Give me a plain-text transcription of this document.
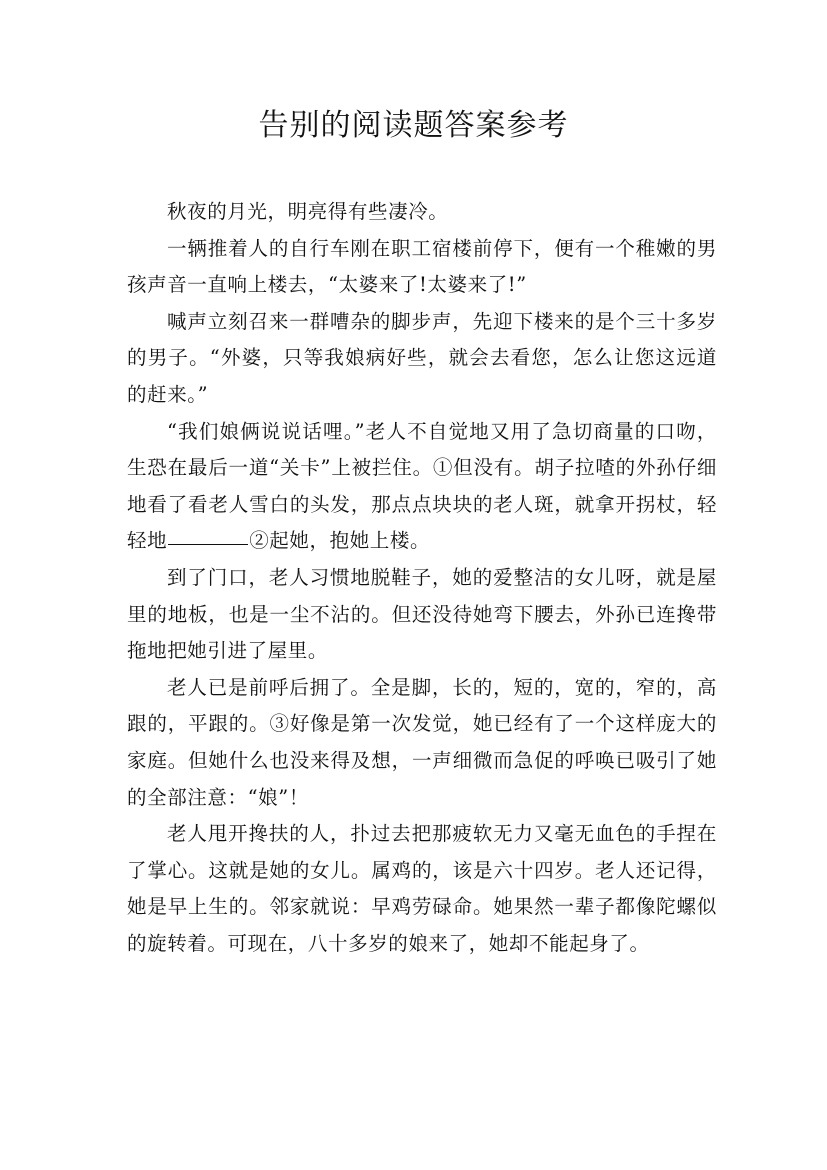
告别的阅读题答案参考

秋夜的月光，明亮得有些凄冷。

一辆推着人的自行车刚在职工宿楼前停下，便有一个稚嫩的男孩声音一直响上楼去，“太婆来了!太婆来了!”

喊声立刻召来一群嘈杂的脚步声，先迎下楼来的是个三十多岁的男子。“外婆，只等我娘病好些，就会去看您，怎么让您这远道的赶来。”

“我们娘俩说说话哩。”老人不自觉地又用了急切商量的口吻，生恐在最后一道“关卡”上被拦住。①但没有。胡子拉喳的外孙仔细地看了看老人雪白的头发，那点点块块的老人斑，就拿开拐杖，轻轻地	②起她，抱她上楼。

到了门口，老人习惯地脱鞋子，她的爱整洁的女儿呀，就是屋里的地板，也是一尘不沾的。但还没待她弯下腰去，外孙已连搀带拖地把她引进了屋里。

老人已是前呼后拥了。全是脚，长的，短的，宽的，窄的，高跟的，平跟的。③好像是第一次发觉，她已经有了一个这样庞大的家庭。但她什么也没来得及想，一声细微而急促的呼唤已吸引了她的全部注意：“娘”！

老人甩开搀扶的人，扑过去把那疲软无力又毫无血色的手捏在了掌心。这就是她的女儿。属鸡的，该是六十四岁。老人还记得，她是早上生的。邻家就说：早鸡劳碌命。她果然一辈子都像陀螺似的旋转着。可现在，八十多岁的娘来了，她却不能起身了。
